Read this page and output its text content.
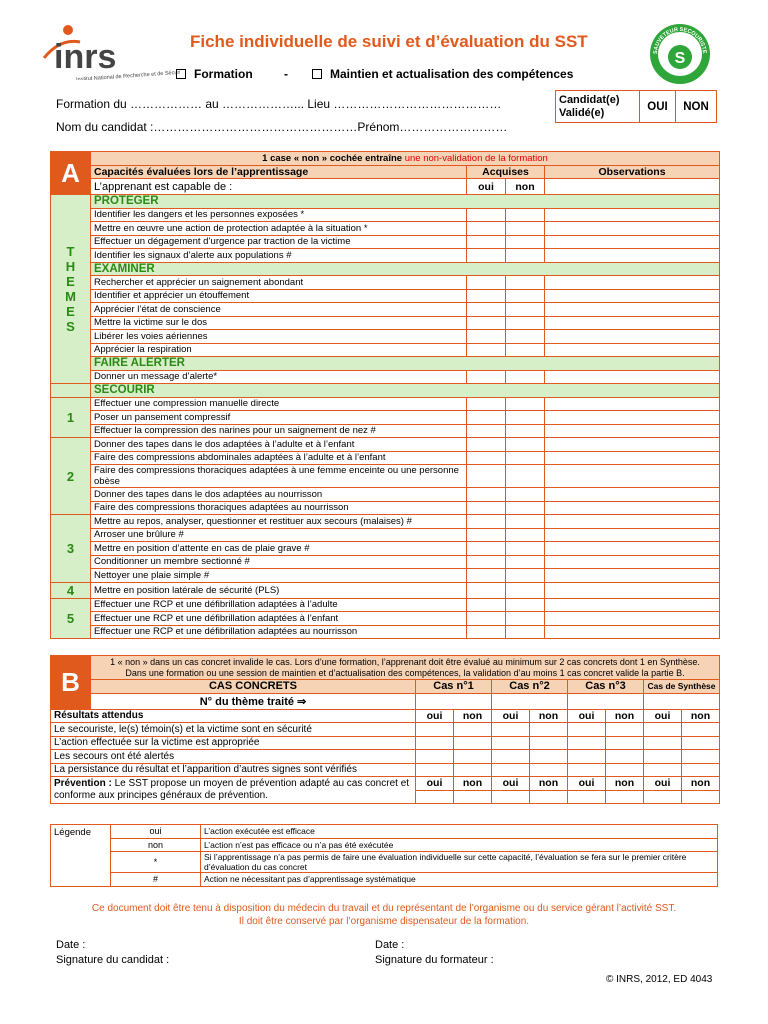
inrs
Institut National de Recherche et de Sécurité
Fiche individuelle de suivi et d’évaluation du SST
Formation	-	Maintien et actualisation des compétences
S
SAUVETEUR SECOURISTE
Formation du ……………… au ………………... Lieu ……………………………………
Nom du candidat :……………………………………………Prénom………………………
Candidat(e) Validé(e)	OUI	NON
A	1 case « non » cochée entraîne une non-validation de la formation			
	Capacités évaluées lors de l’apprentissage	Acquises		Observations
	L’apprenant est capable de :	oui	non	

THEMES	PROTEGER			
	Identifier les dangers et les personnes exposées *			
	Mettre en œuvre une action de protection adaptée à la situation *			
	Effectuer un dégagement d’urgence par traction de la victime			
	Identifier les signaux d’alerte aux populations #			
	EXAMINER			
	Rechercher et apprécier un saignement abondant			
	Identifier et apprécier un étouffement			
	Apprécier l’état de conscience			
	Mettre la victime sur le dos			
	Libérer les voies aériennes			
	Apprécier la respiration			
	FAIRE ALERTER			
	Donner un message d’alerte*			
	SECOURIR			
1	Effectuer une compression manuelle directe			
	Poser un pansement compressif			
	Effectuer la compression des narines pour un saignement de nez #			
2	Donner des tapes dans le dos adaptées à l’adulte et à l’enfant			
	Faire des compressions abdominales adaptées à l’adulte et à l’enfant			
	Faire des compressions thoraciques adaptées à une femme enceinte ou une personne obèse			
	Donner des tapes dans le dos adaptées au nourrisson			
	Faire des compressions thoraciques adaptées au nourrisson			
3	Mettre au repos, analyser, questionner et restituer aux secours (malaises) #			
	Arroser une brûlure #			
	Mettre en position d’attente en cas de plaie grave #			
	Conditionner un membre sectionné #			
	Nettoyer une plaie simple #			
4	Mettre en position latérale de sécurité (PLS)			
5	Effectuer une RCP et une défibrillation adaptées à l’adulte			
	Effectuer une RCP et une défibrillation adaptées à l’enfant			
	Effectuer une RCP et une défibrillation adaptées au nourrisson			
B	1 « non » dans un cas concret invalide le cas. Lors d’une formation, l’apprenant doit être évalué au minimum sur 2 cas concrets dont 1 en Synthèse.
Dans une formation ou une session de maintien et d’actualisation des compétences, la validation d’au moins 1 cas concret valide la partie B.								

	CAS CONCRETS	Cas n°1		Cas n°2		Cas n°3		Cas de Synthèse	
	N° du thème traité ⇒								
Résultats attendus		oui	non	oui	non	oui	non	oui	non
Le secouriste, le(s) témoin(s) et la victime sont en sécurité									
L’action effectuée sur la victime est appropriée									
Les secours ont été alertés									
La persistance du résultat et l’apparition d’autres signes sont vérifiés									
Prévention : Le SST propose un moyen de prévention adapté au cas concret et conforme aux principes généraux de prévention.		oui	non	oui	non	oui	non	oui	non

Légende	oui	L’action exécutée est efficace
	non	L’action n’est pas efficace ou n’a pas été exécutée
	*	Si l’apprentissage n’a pas permis de faire une évaluation individuelle sur cette capacité, l’évaluation se fera sur le premier critère d’évaluation du cas concret
	#	Action ne nécessitant pas d’apprentissage systématique
Ce document doit être tenu à disposition du médecin du travail et du représentant de l’organisme ou du service gérant l’activité SST.
Il doit être conservé par l’organisme dispensateur de la formation.
Date :
Signature du candidat :
Date :
Signature du formateur :
© INRS, 2012, ED 4043
